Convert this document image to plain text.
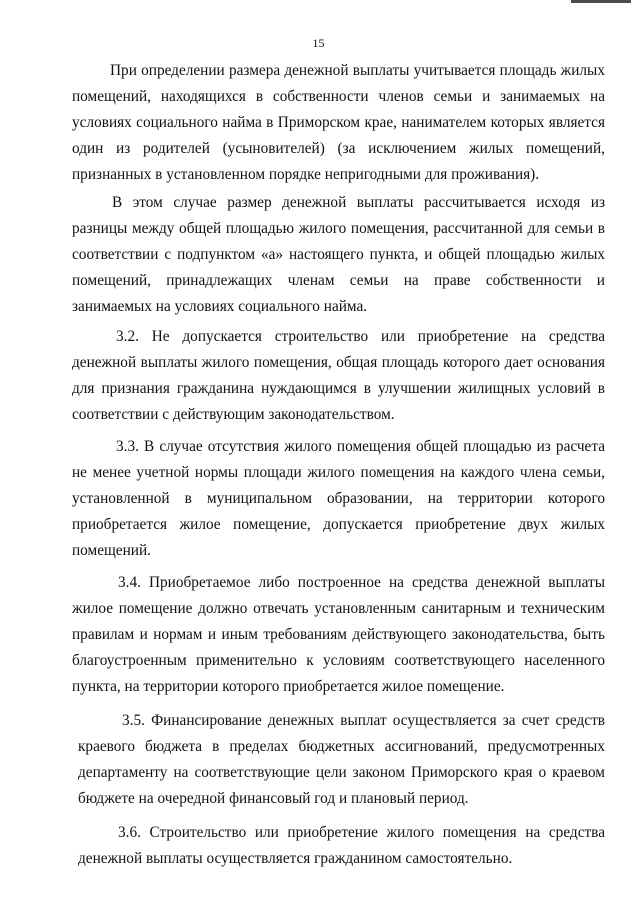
15

При определении размера денежной выплаты учитывается площадь жилых помещений, находящихся в собственности членов семьи и занимаемых на условиях социального найма в Приморском крае, нанимателем которых является один из родителей (усыновителей) (за исключением жилых помещений, признанных в установленном порядке непригодными для проживания).

В этом случае размер денежной выплаты рассчитывается исходя из разницы между общей площадью жилого помещения, рассчитанной для семьи в соответствии с подпунктом «а» настоящего пункта, и общей площадью жилых помещений, принадлежащих членам семьи на праве собственности и занимаемых на условиях социального найма.

3.2. Не допускается строительство или приобретение на средства денежной выплаты жилого помещения, общая площадь которого дает основания для признания гражданина нуждающимся в улучшении жилищных условий в соответствии с действующим законодательством.

3.3. В случае отсутствия жилого помещения общей площадью из расчета не менее учетной нормы площади жилого помещения на каждого члена семьи, установленной в муниципальном образовании, на территории которого приобретается жилое помещение, допускается приобретение двух жилых помещений.

3.4. Приобретаемое либо построенное на средства денежной выплаты жилое помещение должно отвечать установленным санитарным и техническим правилам и нормам и иным требованиям действующего законодательства, быть благоустроенным применительно к условиям соответствующего населенного пункта, на территории которого приобретается жилое помещение.

3.5. Финансирование денежных выплат осуществляется за счет средств краевого бюджета в пределах бюджетных ассигнований, предусмотренных департаменту на соответствующие цели законом Приморского края о краевом бюджете на очередной финансовый год и плановый период.

3.6. Строительство или приобретение жилого помещения на средства денежной выплаты осуществляется гражданином самостоятельно.
